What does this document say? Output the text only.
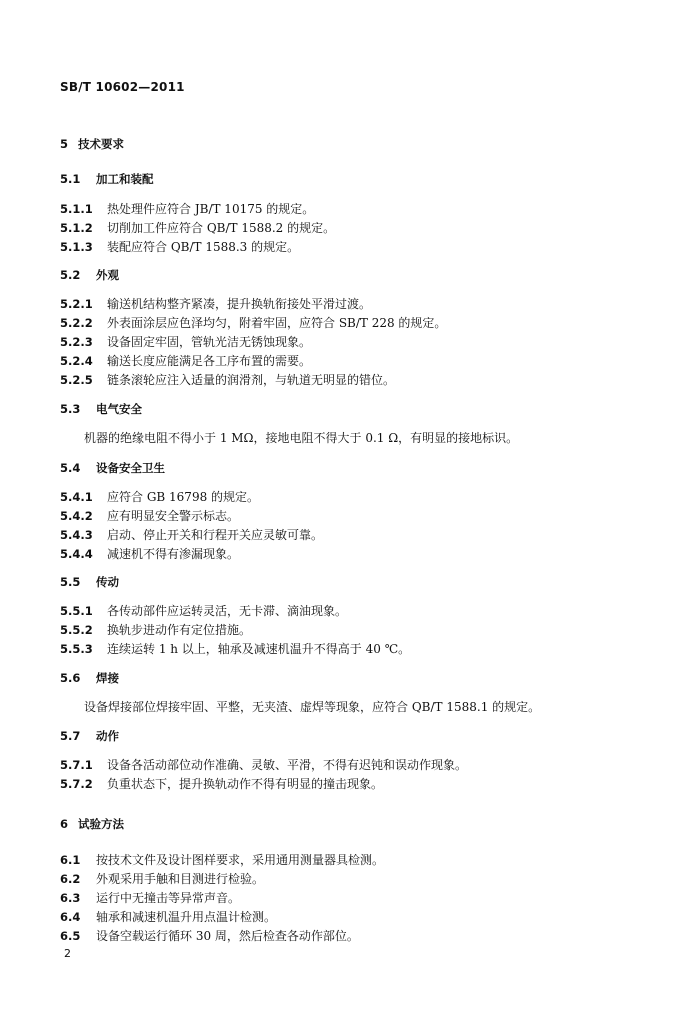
SB/T 10602—2011
5 技术要求
5.1 加工和装配
5.1.1 热处理件应符合 JB/T 10175 的规定。
5.1.2 切削加工件应符合 QB/T 1588.2 的规定。
5.1.3 装配应符合 QB/T 1588.3 的规定。
5.2 外观
5.2.1 输送机结构整齐紧凑，提升换轨衔接处平滑过渡。
5.2.2 外表面涂层应色泽均匀，附着牢固，应符合 SB/T 228 的规定。
5.2.3 设备固定牢固，管轨光洁无锈蚀现象。
5.2.4 输送长度应能满足各工序布置的需要。
5.2.5 链条滚轮应注入适量的润滑剂，与轨道无明显的错位。
5.3 电气安全
机器的绝缘电阻不得小于 1 MΩ，接地电阻不得大于 0.1 Ω，有明显的接地标识。
5.4 设备安全卫生
5.4.1 应符合 GB 16798 的规定。
5.4.2 应有明显安全警示标志。
5.4.3 启动、停止开关和行程开关应灵敏可靠。
5.4.4 减速机不得有渗漏现象。
5.5 传动
5.5.1 各传动部件应运转灵活，无卡滞、滴油现象。
5.5.2 换轨步进动作有定位措施。
5.5.3 连续运转 1 h 以上，轴承及减速机温升不得高于 40 ℃。
5.6 焊接
设备焊接部位焊接牢固、平整，无夹渣、虚焊等现象，应符合 QB/T 1588.1 的规定。
5.7 动作
5.7.1 设备各活动部位动作准确、灵敏、平滑，不得有迟钝和误动作现象。
5.7.2 负重状态下，提升换轨动作不得有明显的撞击现象。
6 试验方法
6.1 按技术文件及设计图样要求，采用通用测量器具检测。
6.2 外观采用手触和目测进行检验。
6.3 运行中无撞击等异常声音。
6.4 轴承和减速机温升用点温计检测。
6.5 设备空载运行循环 30 周，然后检查各动作部位。
2
